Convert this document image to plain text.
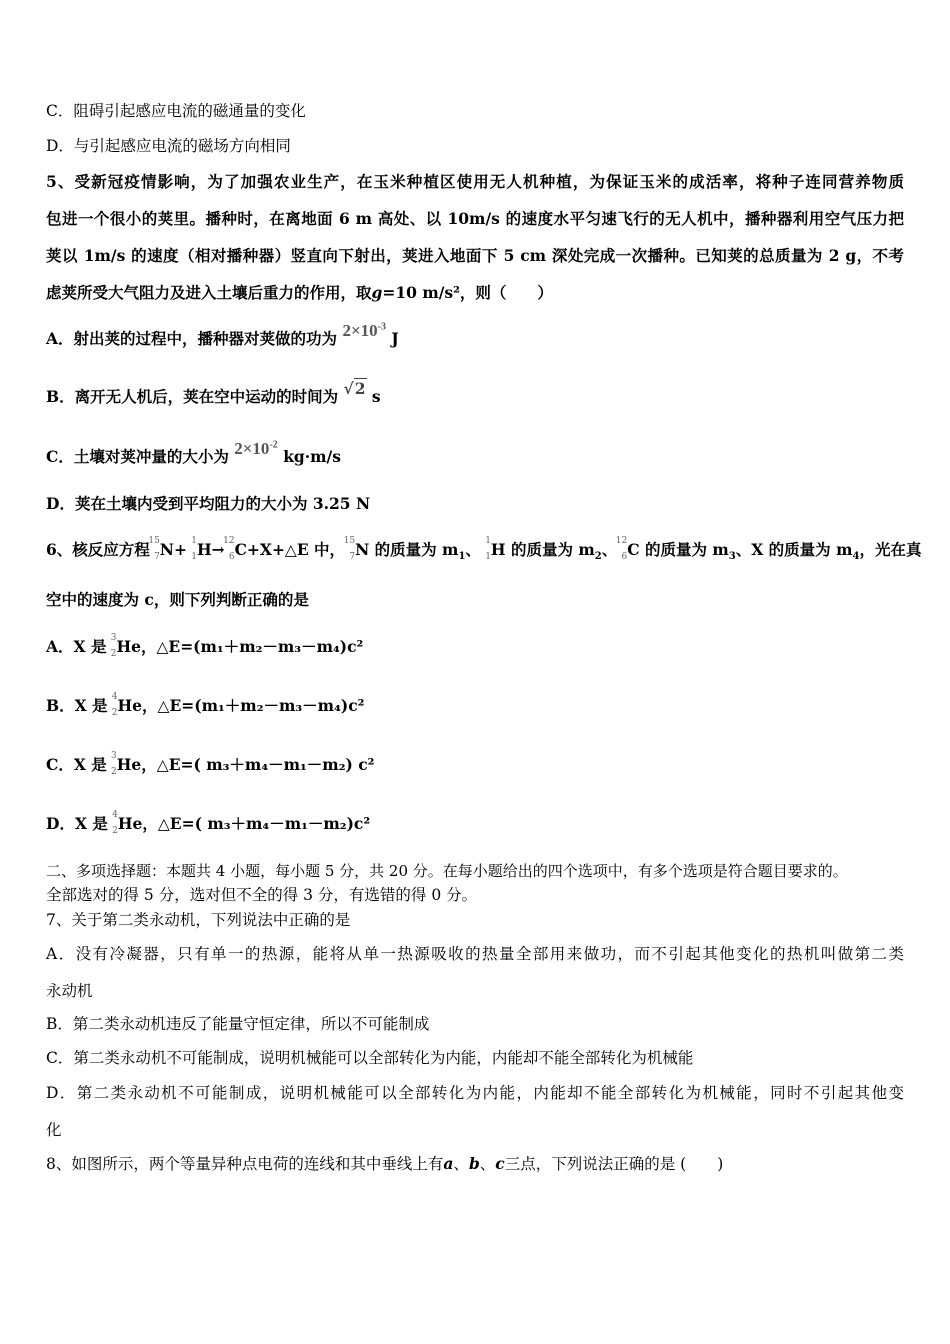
C．阻碍引起感应电流的磁通量的变化
D．与引起感应电流的磁场方向相同
5、受新冠疫情影响，为了加强农业生产，在玉米种植区使用无人机种植，为保证玉米的成活率，将种子连同营养物质
包进一个很小的荚里。播种时，在离地面 6 m 高处、以 10m/s 的速度水平匀速飞行的无人机中，播种器利用空气压力把
荚以 1m/s 的速度（相对播种器）竖直向下射出，荚进入地面下 5 cm 深处完成一次播种。已知荚的总质量为 2 g，不考
虑荚所受大气阻力及进入土壤后重力的作用，取g=10 m/s²，则（　　）
A．射出荚的过程中，播种器对荚做的功为 $2\times 10^{-3}$ J
B．离开无人机后，荚在空中运动的时间为 √2 s
C．土壤对荚冲量的大小为 $2\times 10^{-2}$ kg·m/s
D．荚在土壤内受到平均阻力的大小为 3.25 N
6、核反应方程
15
7 N+ 1
1 H→
12
6 C+X+△E 中，
15
7 N 的质量为 $m_1$、 1
1 H 的质量为 $m_2$、
12
6 C 的质量为 $m_3$、X 的质量为 $m_4$，光在真
空中的速度为 c，则下列判断正确的是
A．X 是 3
2 He，△E=(m₁＋m₂－m₃－m₄)c²
B．X 是 4
2 He，△E=(m₁＋m₂－m₃－m₄)c²
C．X 是 3
2 He，△E=( m₃＋m₄－m₁－m₂) c²
D．X 是 4
2 He，△E=( m₃＋m₄－m₁－m₂)c²
二、多项选择题：本题共 4 小题，每小题 5 分，共 20 分。在每小题给出的四个选项中，有多个选项是符合题目要求的。
全部选对的得 5 分，选对但不全的得 3 分，有选错的得 0 分。
7、关于第二类永动机，下列说法中正确的是
A．没有冷凝器，只有单一的热源，能将从单一热源吸收的热量全部用来做功，而不引起其他变化的热机叫做第二类
永动机
B．第二类永动机违反了能量守恒定律，所以不可能制成
C．第二类永动机不可能制成，说明机械能可以全部转化为内能，内能却不能全部转化为机械能
D．第二类永动机不可能制成，说明机械能可以全部转化为内能，内能却不能全部转化为机械能，同时不引起其他变
化
8、如图所示，两个等量异种点电荷的连线和其中垂线上有a、b、c三点，下列说法正确的是 (　　)
